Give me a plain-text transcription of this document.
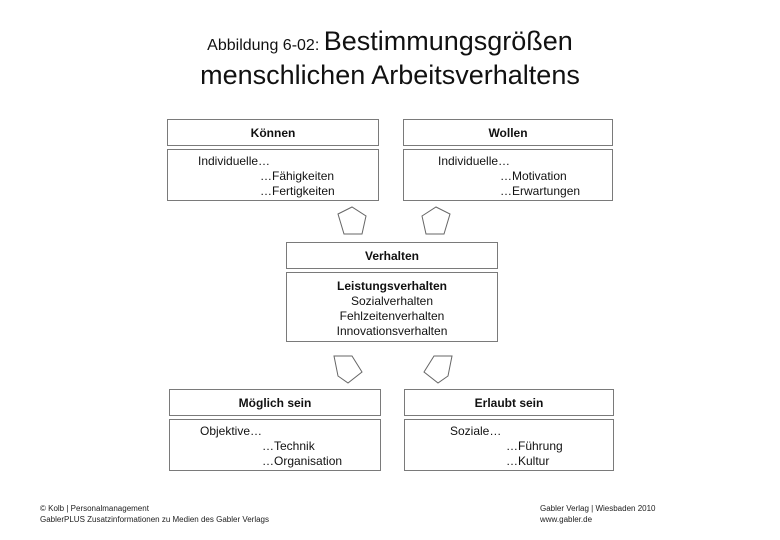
Abbildung 6-02: Bestimmungsgrößen
menschlichen Arbeitsverhaltens
Können
Individuelle…
…Fähigkeiten
…Fertigkeiten
Wollen
Individuelle…
…Motivation
…Erwartungen
Verhalten
Leistungsverhalten
Sozialverhalten
Fehlzeitenverhalten
Innovationsverhalten
Möglich sein
Objektive…
…Technik
…Organisation
Erlaubt sein
Soziale…
…Führung
…Kultur
© Kolb | Personalmanagement
GablerPLUS Zusatzinformationen zu Medien des Gabler Verlags
Gabler Verlag | Wiesbaden 2010
www.gabler.de
